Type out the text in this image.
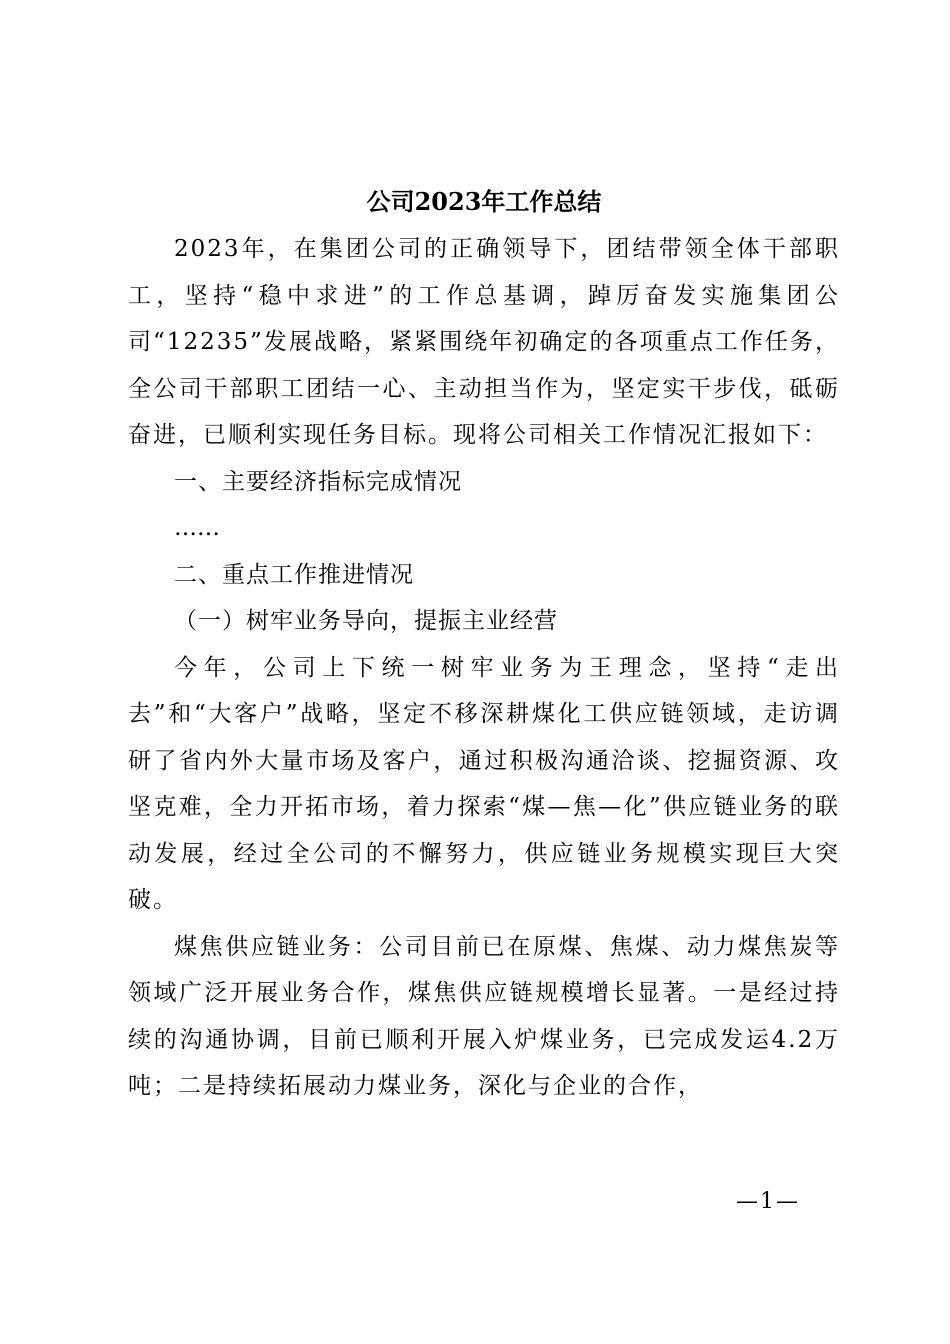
公司2023年工作总结

2023年，在集团公司的正确领导下，团结带领全体干部职工，坚持“稳中求进”的工作总基调，踔厉奋发实施集团公司“12235”发展战略，紧紧围绕年初确定的各项重点工作任务，全公司干部职工团结一心、主动担当作为，坚定实干步伐，砥砺奋进，已顺利实现任务目标。现将公司相关工作情况汇报如下：

一、主要经济指标完成情况

……

二、重点工作推进情况

（一）树牢业务导向，提振主业经营

今年，公司上下统一树牢业务为王理念，坚持“走出去”和“大客户”战略，坚定不移深耕煤化工供应链领域，走访调研了省内外大量市场及客户，通过积极沟通洽谈、挖掘资源、攻坚克难，全力开拓市场，着力探索“煤—焦—化”供应链业务的联动发展，经过全公司的不懈努力，供应链业务规模实现巨大突破。

煤焦供应链业务：公司目前已在原煤、焦煤、动力煤焦炭等领域广泛开展业务合作，煤焦供应链规模增长显著。一是经过持续的沟通协调，目前已顺利开展入炉煤业务，已完成发运4.2万吨；二是持续拓展动力煤业务，深化与企业的合作，

—1—
